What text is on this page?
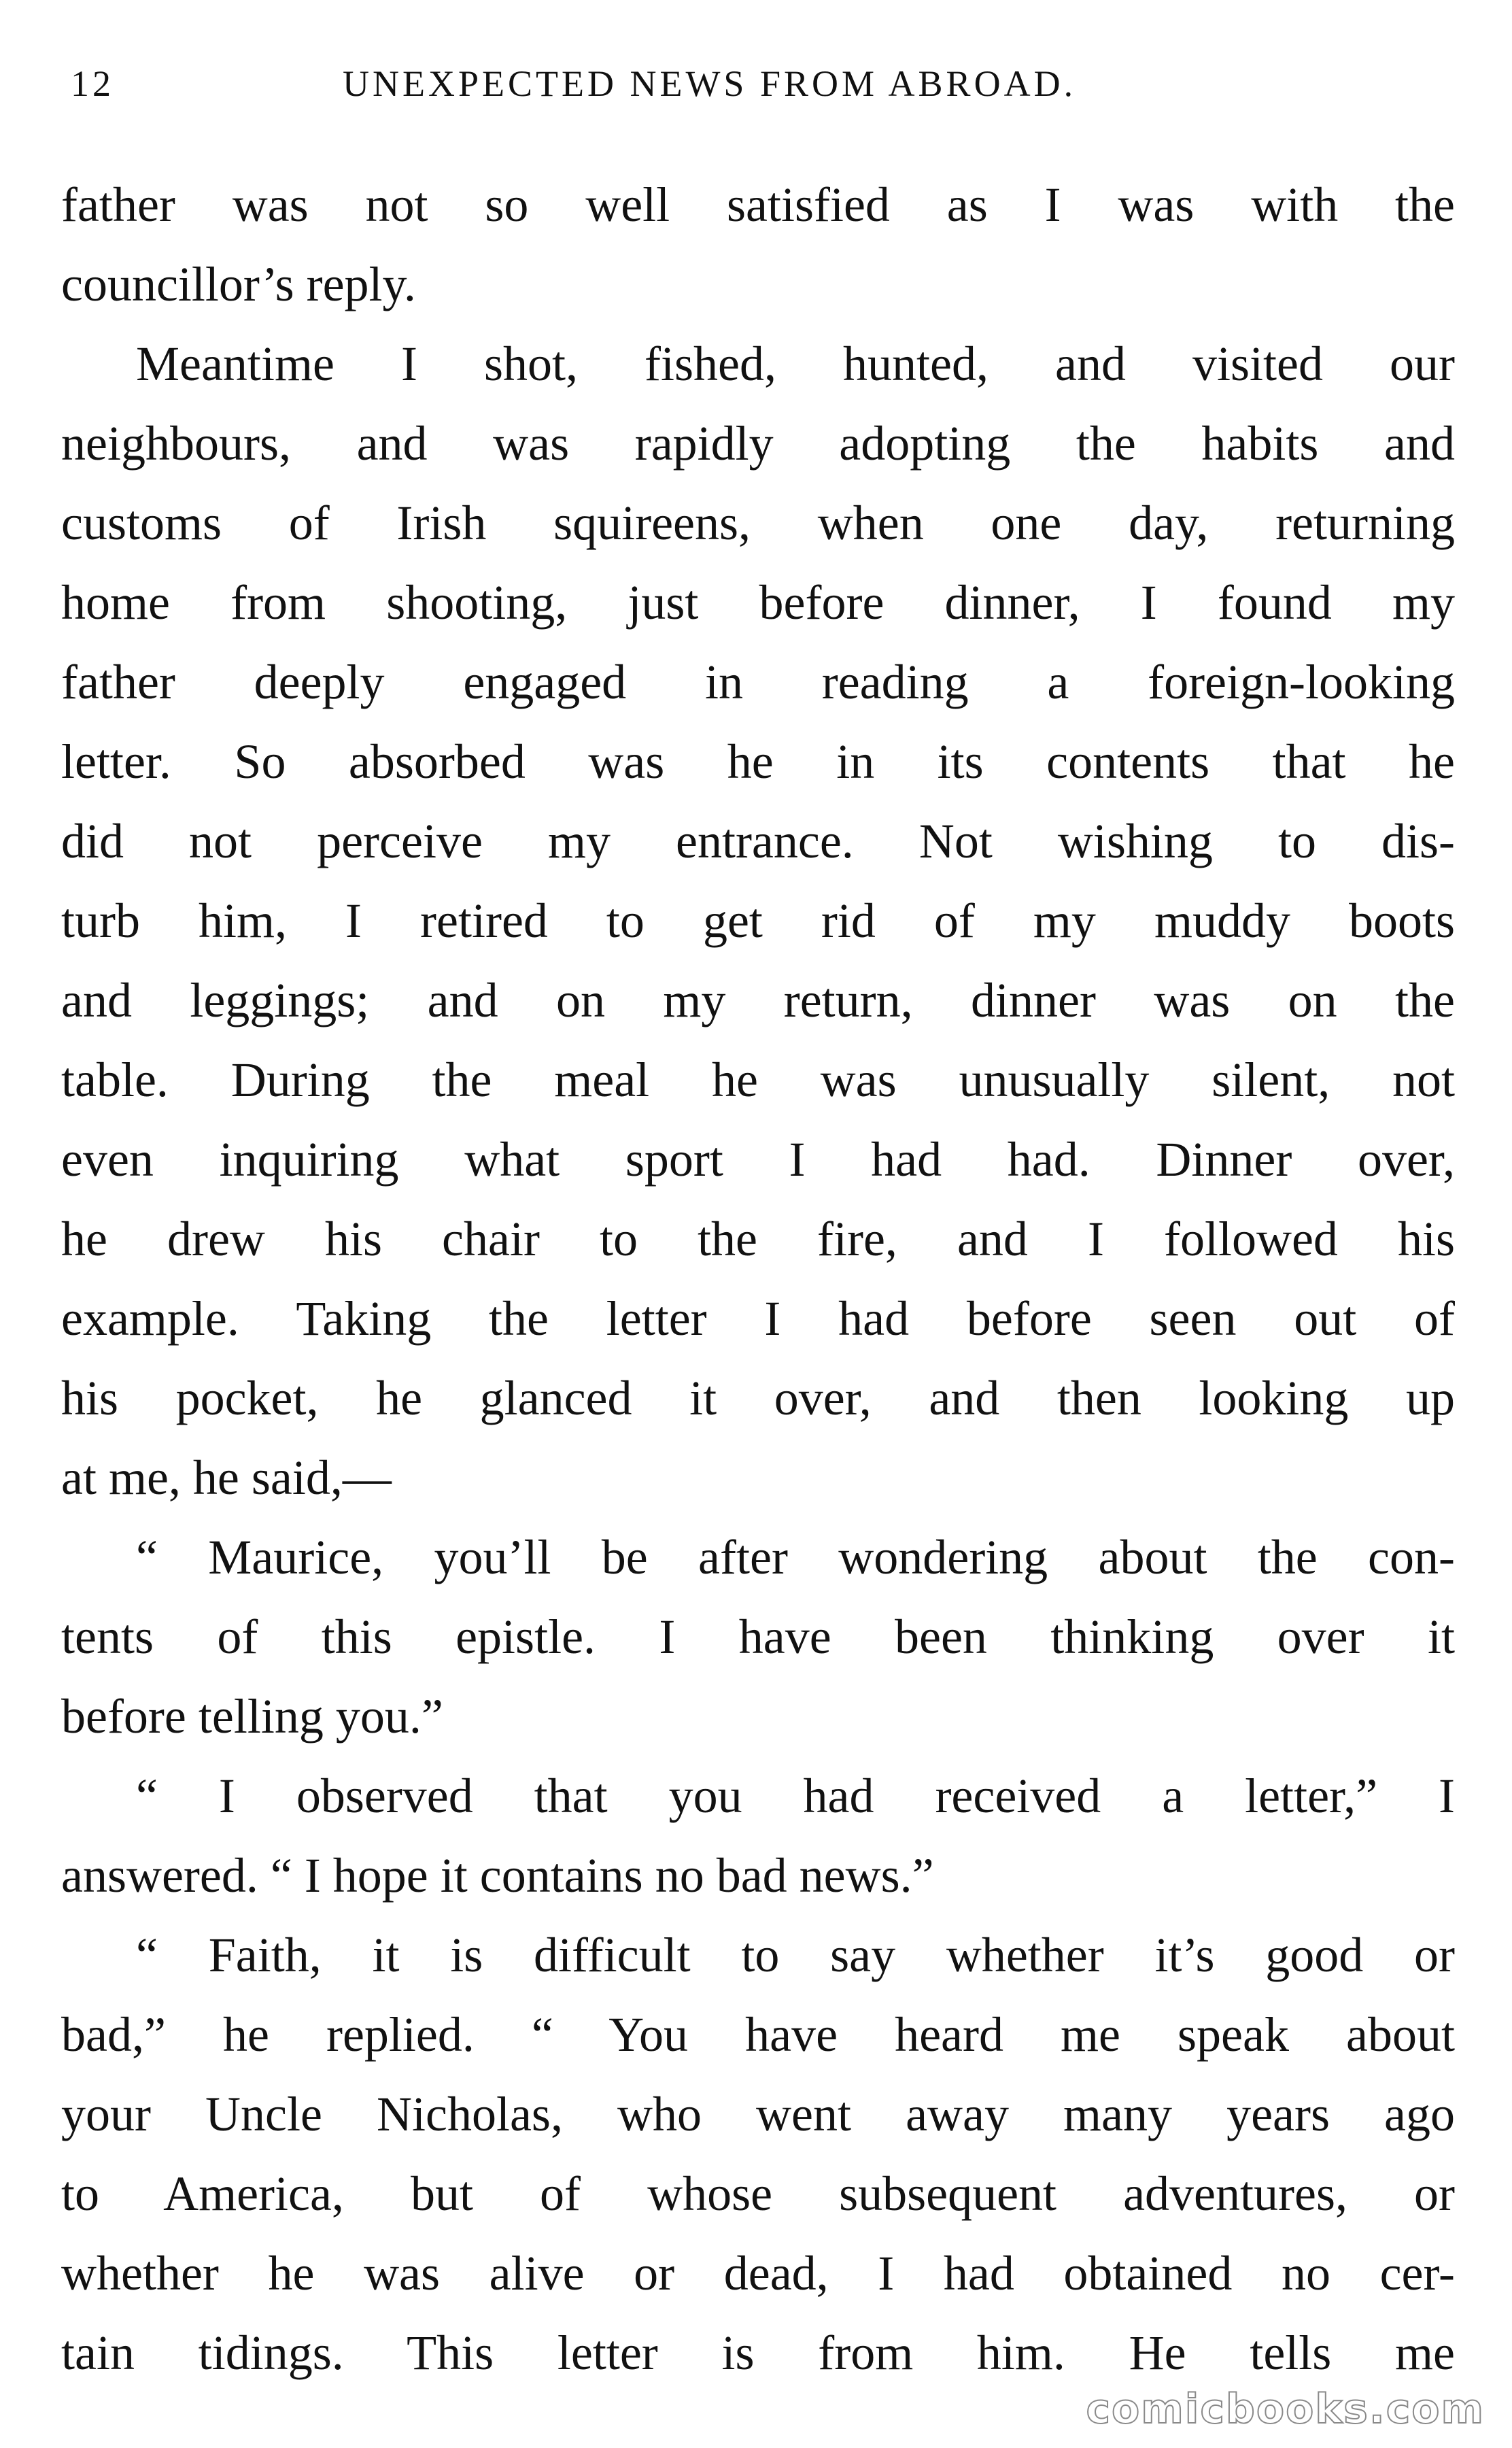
12	UNEXPECTED NEWS FROM ABROAD.
father was not so well satisfied as I was with the
councillor’s reply.
Meantime I shot, fished, hunted, and visited our
neighbours, and was rapidly adopting the habits and
customs of Irish squireens, when one day, returning
home from shooting, just before dinner, I found my
father deeply engaged in reading a foreign-looking
letter. So absorbed was he in its contents that he
did not perceive my entrance. Not wishing to dis-
turb him, I retired to get rid of my muddy boots
and leggings; and on my return, dinner was on the
table. During the meal he was unusually silent, not
even inquiring what sport I had had. Dinner over,
he drew his chair to the fire, and I followed his
example. Taking the letter I had before seen out of
his pocket, he glanced it over, and then looking up
at me, he said,—
“ Maurice, you’ll be after wondering about the con-
tents of this epistle. I have been thinking over it
before telling you.”
“ I observed that you had received a letter,” I
answered. “ I hope it contains no bad news.”
“ Faith, it is difficult to say whether it’s good or
bad,” he replied. “ You have heard me speak about
your Uncle Nicholas, who went away many years ago
to America, but of whose subsequent adventures, or
whether he was alive or dead, I had obtained no cer-
tain tidings. This letter is from him. He tells me
comicbooks.com
